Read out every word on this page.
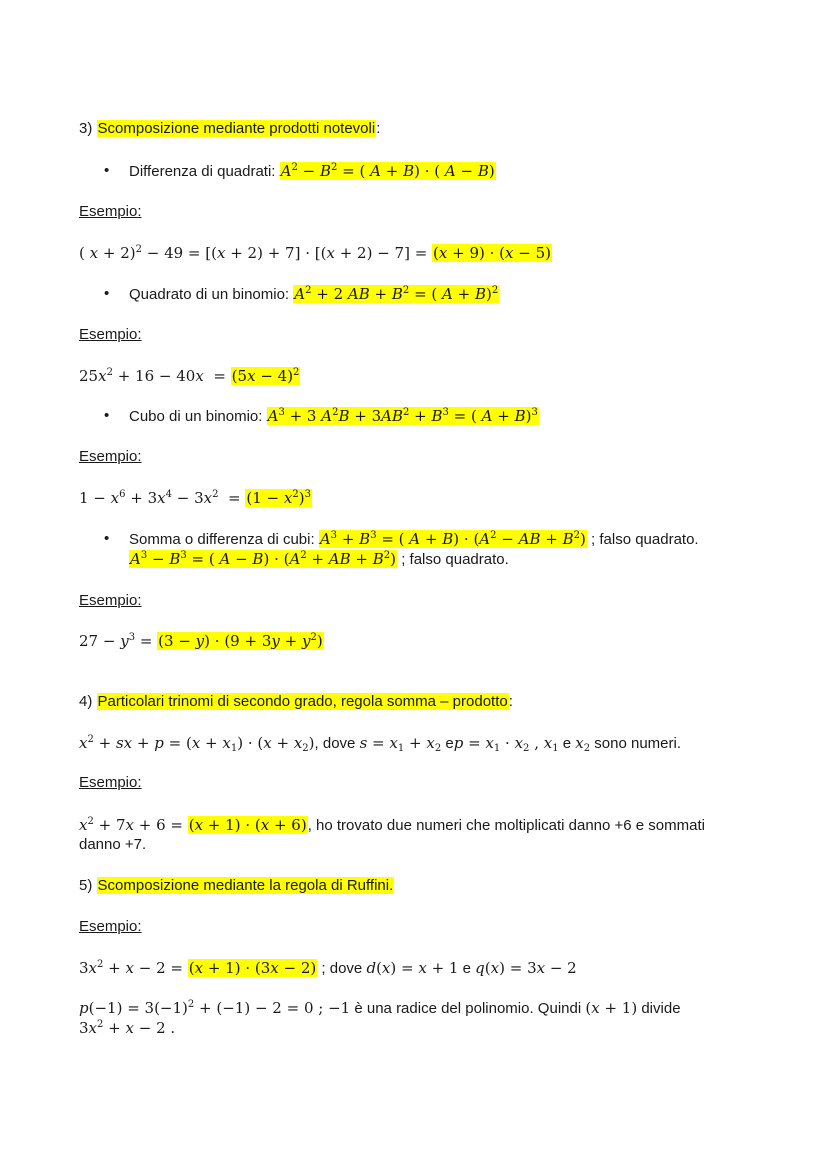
3) Scomposizione mediante prodotti notevoli:
• Differenza di quadrati: $A^2 - B^2$ = ( A + B) · ( A − B)
Esempio:
( x + 2)$^2$ − 49 = [(x + 2) + 7] · [(x + 2) − 7] = (x + 9) · (x − 5)
• Quadrato di un binomio: $A^2 + 2$ AB + $B^2$ = ( A + B)$^2$
Esempio:
$25x^2 + 16 - 40x = (5x - 4)^2$
• Cubo di un binomio: $A^3 + 3$ $A^2B + 3AB^2 + B^3$ = ( A + B)$^3$
Esempio:
$1 - x^6 + 3x^4 - 3x^2 = (1 - x^2)^3$
• Somma o differenza di cubi: $A^3 + B^3$ = ( $A + B) \cdot (A^2$ − AB + $B^2$) ; falso quadrato.
$A^3 - B^3$ = ( $A - B) \cdot (A^2$ + AB + $B^2$) ; falso quadrato.
Esempio:
$27 - y^3 = (3 - y) \cdot (9 + 3y + y^2)$
4) Particolari trinomi di secondo grado, regola somma – prodotto:
$x^2$ + sx + $p = (x + x_1) \cdot (x + x_2)$, dove $s = x_1 + x_2$ ep = $x_1 \cdot x_2$ , $x_1$ e $x_2$ sono numeri.
Esempio:
$x^2 + 7x + 6 = (x + 1) \cdot (x + 6)$, ho trovato due numeri che moltiplicati danno +6 e sommati
danno +7.
5) Scomposizione mediante la regola di Ruffini.
Esempio:
$3x^2 + x - 2 = (x + 1) \cdot (3x - 2)$ ; dove d(x) = x + 1 e q(x) = 3x − 2
$p(-1) = 3(-1)^2 + (-1) - 2 = 0$ ; −1 è una radice del polinomio. Quindi (x + 1) divide
$3x^2 + x - 2$ .
